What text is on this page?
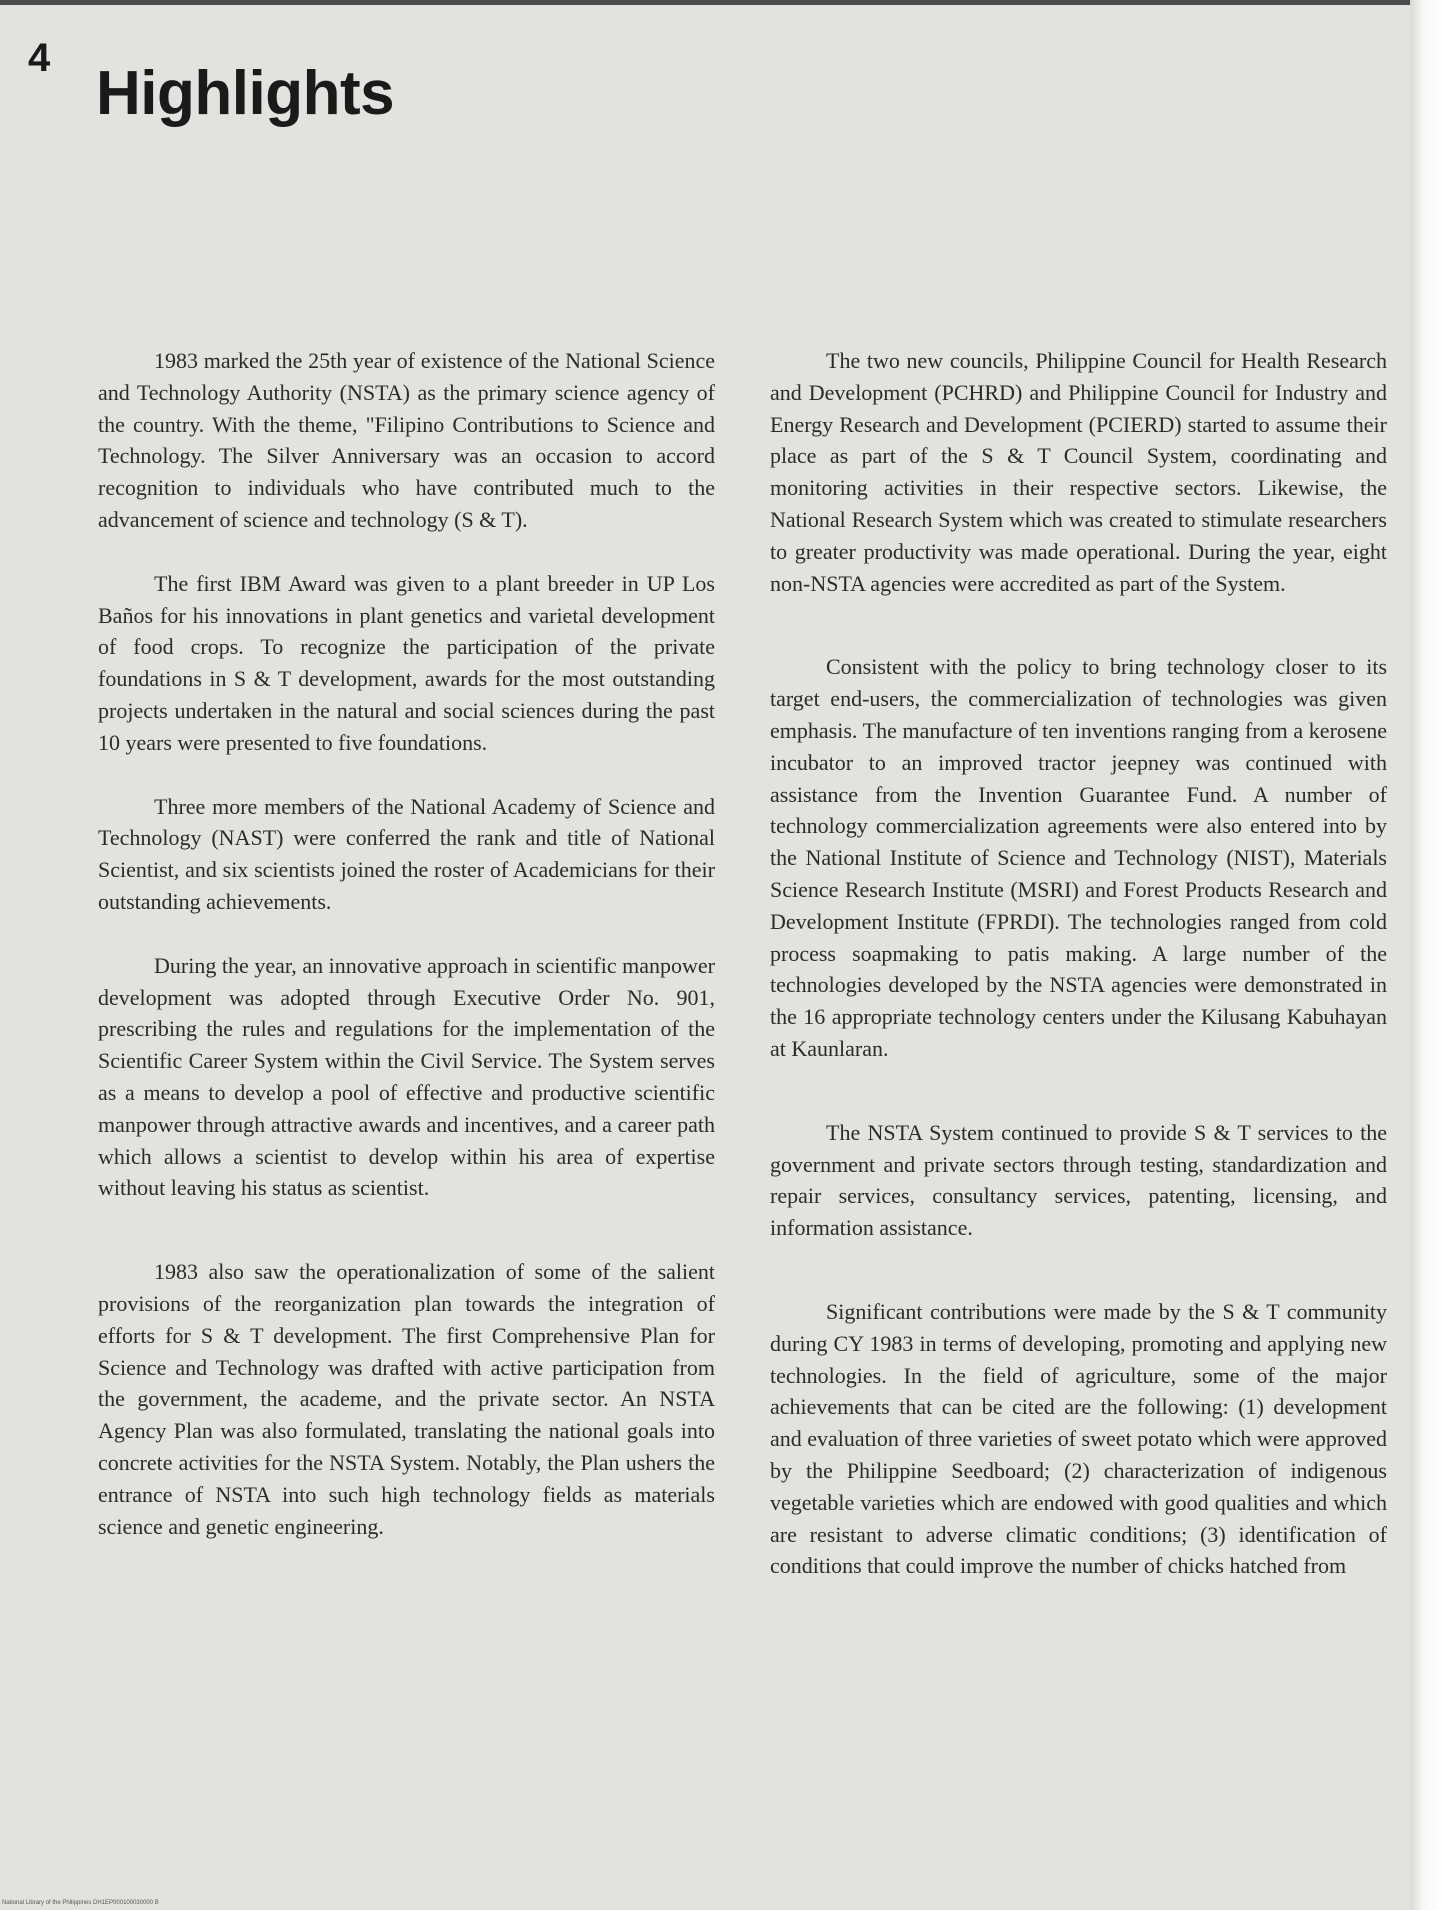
4
Highlights

1983 marked the 25th year of existence of the National Science and Technology Authority (NSTA) as the primary science agency of the country. With the theme, "Filipino Contributions to Science and Technology. The Silver Anniversary was an occasion to accord recognition to individuals who have contributed much to the advancement of science and technology (S & T).

The first IBM Award was given to a plant breeder in UP Los Baños for his innovations in plant genetics and varietal development of food crops. To recognize the participation of the private foundations in S & T development, awards for the most outstanding projects undertaken in the natural and social sciences during the past 10 years were presented to five foundations.

Three more members of the National Academy of Science and Technology (NAST) were conferred the rank and title of National Scientist, and six scientists joined the roster of Academicians for their outstanding achievements.

During the year, an innovative approach in scientific manpower development was adopted through Executive Order No. 901, prescribing the rules and regulations for the implementation of the Scientific Career System within the Civil Service. The System serves as a means to develop a pool of effective and productive scientific manpower through attractive awards and incentives, and a career path which allows a scientist to develop within his area of expertise without leaving his status as scientist.

1983 also saw the operationalization of some of the salient provisions of the reorganization plan towards the integration of efforts for S & T development. The first Comprehensive Plan for Science and Technology was drafted with active participation from the government, the academe, and the private sector. An NSTA Agency Plan was also formulated, translating the national goals into concrete activities for the NSTA System. Notably, the Plan ushers the entrance of NSTA into such high technology fields as materials science and genetic engineering.

The two new councils, Philippine Council for Health Research and Development (PCHRD) and Philippine Council for Industry and Energy Research and Development (PCIERD) started to assume their place as part of the S & T Council System, coordinating and monitoring activities in their respective sectors. Likewise, the National Research System which was created to stimulate researchers to greater productivity was made operational. During the year, eight non-NSTA agencies were accredited as part of the System.

Consistent with the policy to bring technology closer to its target end-users, the commercialization of technologies was given emphasis. The manufacture of ten inventions ranging from a kerosene incubator to an improved tractor jeepney was continued with assistance from the Invention Guarantee Fund. A number of technology commercialization agreements were also entered into by the National Institute of Science and Technology (NIST), Materials Science Research Institute (MSRI) and Forest Products Research and Development Institute (FPRDI). The technologies ranged from cold process soapmaking to patis making. A large number of the technologies developed by the NSTA agencies were demonstrated in the 16 appropriate technology centers under the Kilusang Kabuhayan at Kaunlaran.

The NSTA System continued to provide S & T services to the government and private sectors through testing, standardization and repair services, consultancy services, patenting, licensing, and information assistance.

Significant contributions were made by the S & T community during CY 1983 in terms of developing, promoting and applying new technologies. In the field of agriculture, some of the major achievements that can be cited are the following: (1) development and evaluation of three varieties of sweet potato which were approved by the Philippine Seedboard; (2) characterization of indigenous vegetable varieties which are endowed with good qualities and which are resistant to adverse climatic conditions; (3) identification of conditions that could improve the number of chicks hatched from

National Library of the Philippines DH1EP000100030000 B
